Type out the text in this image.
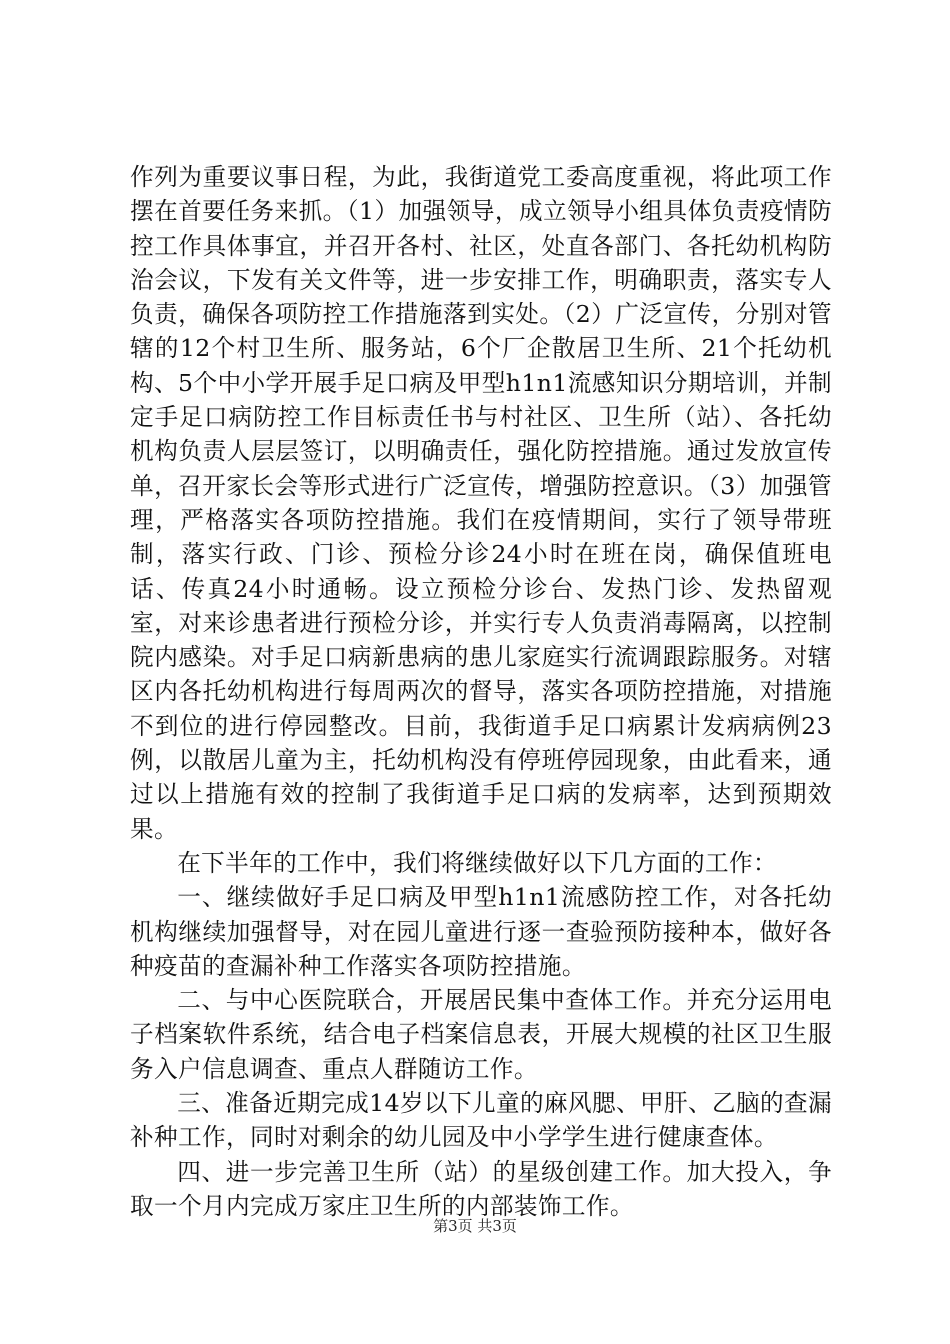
作列为重要议事日程，为此，我街道党工委高度重视，将此项工作摆在首要任务来抓。（1）加强领导，成立领导小组具体负责疫情防控工作具体事宜，并召开各村、社区，处直各部门、各托幼机构防治会议，下发有关文件等，进一步安排工作，明确职责，落实专人负责，确保各项防控工作措施落到实处。（2）广泛宣传，分别对管辖的12个村卫生所、服务站，6个厂企散居卫生所、21个托幼机构、5个中小学开展手足口病及甲型h1n1流感知识分期培训，并制定手足口病防控工作目标责任书与村社区、卫生所（站）、各托幼机构负责人层层签订，以明确责任，强化防控措施。通过发放宣传单，召开家长会等形式进行广泛宣传，增强防控意识。（3）加强管理，严格落实各项防控措施。我们在疫情期间，实行了领导带班制，落实行政、门诊、预检分诊24小时在班在岗，确保值班电话、传真24小时通畅。设立预检分诊台、发热门诊、发热留观室，对来诊患者进行预检分诊，并实行专人负责消毒隔离，以控制院内感染。对手足口病新患病的患儿家庭实行流调跟踪服务。对辖区内各托幼机构进行每周两次的督导，落实各项防控措施，对措施不到位的进行停园整改。目前，我街道手足口病累计发病病例23例，以散居儿童为主，托幼机构没有停班停园现象，由此看来，通过以上措施有效的控制了我街道手足口病的发病率，达到预期效果。

在下半年的工作中，我们将继续做好以下几方面的工作：

一、继续做好手足口病及甲型h1n1流感防控工作，对各托幼机构继续加强督导，对在园儿童进行逐一查验预防接种本，做好各种疫苗的查漏补种工作落实各项防控措施。

二、与中心医院联合，开展居民集中查体工作。并充分运用电子档案软件系统，结合电子档案信息表，开展大规模的社区卫生服务入户信息调查、重点人群随访工作。

三、准备近期完成14岁以下儿童的麻风腮、甲肝、乙脑的查漏补种工作，同时对剩余的幼儿园及中小学学生进行健康查体。

四、进一步完善卫生所（站）的星级创建工作。加大投入，争取一个月内完成万家庄卫生所的内部装饰工作。

第3页 共3页
